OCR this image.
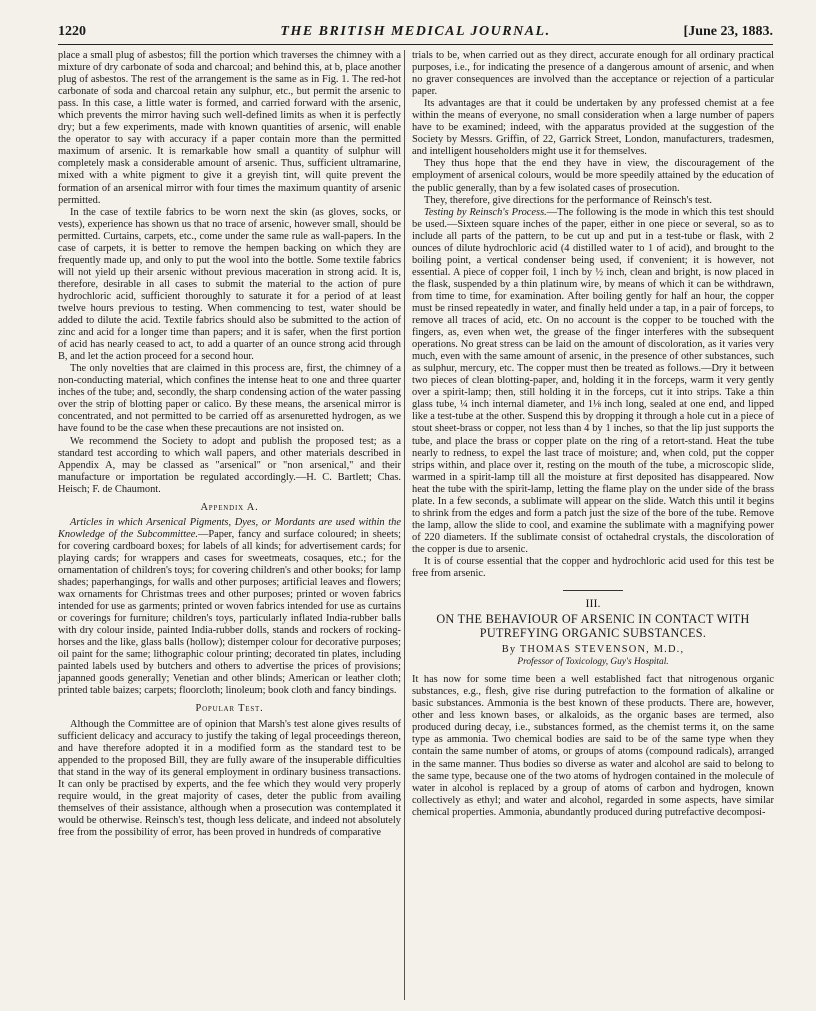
1220	THE BRITISH MEDICAL JOURNAL.	[June 23, 1883.

place a small plug of asbestos; fill the portion which traverses the chimney with a mixture of dry carbonate of soda and charcoal; and behind this, at b, place another plug of asbestos. The rest of the arrangement is the same as in Fig. 1. The red-hot carbonate of soda and charcoal retain any sulphur, etc., but permit the arsenic to pass. In this case, a little water is formed, and carried forward with the arsenic, which prevents the mirror having such well-defined limits as when it is perfectly dry; but a few experiments, made with known quantities of arsenic, will enable the operator to say with accuracy if a paper contain more than the permitted maximum of arsenic. It is remarkable how small a quantity of sulphur will completely mask a considerable amount of arsenic. Thus, sufficient ultramarine, mixed with a white pigment to give it a greyish tint, will quite prevent the formation of an arsenical mirror with four times the maximum quantity of arsenic permitted.

In the case of textile fabrics to be worn next the skin (as gloves, socks, or vests), experience has shown us that no trace of arsenic, however small, should be permitted. Curtains, carpets, etc., come under the same rule as wall-papers. In the case of carpets, it is better to remove the hempen backing on which they are frequently made up, and only to put the wool into the bottle. Some textile fabrics will not yield up their arsenic without previous maceration in strong acid. It is, therefore, desirable in all cases to submit the material to the action of pure hydrochloric acid, sufficient thoroughly to saturate it for a period of at least twelve hours previous to testing. When commencing to test, water should be added to dilute the acid. Textile fabrics should also be submitted to the action of zinc and acid for a longer time than papers; and it is safer, when the first portion of acid has nearly ceased to act, to add a quarter of an ounce strong acid through B, and let the action proceed for a second hour.

The only novelties that are claimed in this process are, first, the chimney of a non-conducting material, which confines the intense heat to one and three quarter inches of the tube; and, secondly, the sharp condensing action of the water passing over the strip of blotting paper or calico. By these means, the arsenical mirror is concentrated, and not permitted to be carried off as arsenuretted hydrogen, as we have found to be the case when these precautions are not insisted on.

We recommend the Society to adopt and publish the proposed test; as a standard test according to which wall papers, and other materials described in Appendix A, may be classed as "arsenical" or "non arsenical," and their manufacture or importation be regulated accordingly.—H. C. Bartlett; Chas. Heisch; F. de Chaumont.

Appendix A.

Articles in which Arsenical Pigments, Dyes, or Mordants are used within the Knowledge of the Subcommittee.—Paper, fancy and surface coloured; in sheets; for covering cardboard boxes; for labels of all kinds; for advertisement cards; for playing cards; for wrappers and cases for sweetmeats, cosaques, etc.; for the ornamentation of children's toys; for covering children's and other books; for lamp shades; paperhangings, for walls and other purposes; artificial leaves and flowers; wax ornaments for Christmas trees and other purposes; printed or woven fabrics intended for use as garments; printed or woven fabrics intended for use as curtains or coverings for furniture; children's toys, particularly inflated India-rubber balls with dry colour inside, painted India-rubber dolls, stands and rockers of rocking-horses and the like, glass balls (hollow); distemper colour for decorative purposes; oil paint for the same; lithographic colour printing; decorated tin plates, including painted labels used by butchers and others to advertise the prices of provisions; japanned goods generally; Venetian and other blinds; American or leather cloth; printed table baizes; carpets; floorcloth; linoleum; book cloth and fancy bindings.

Popular Test.

Although the Committee are of opinion that Marsh's test alone gives results of sufficient delicacy and accuracy to justify the taking of legal proceedings thereon, and have therefore adopted it in a modified form as the standard test to be appended to the proposed Bill, they are fully aware of the insuperable difficulties that stand in the way of its general employment in ordinary business transactions. It can only be practised by experts, and the fee which they would very properly require would, in the great majority of cases, deter the public from availing themselves of their assistance, although when a prosecution was contemplated it would be otherwise. Reinsch's test, though less delicate, and indeed not absolutely free from the possibility of error, has been proved in hundreds of comparative

trials to be, when carried out as they direct, accurate enough for all ordinary practical purposes, i.e., for indicating the presence of a dangerous amount of arsenic, and when no graver consequences are involved than the acceptance or rejection of a particular paper.

Its advantages are that it could be undertaken by any professed chemist at a fee within the means of everyone, no small consideration when a large number of papers have to be examined; indeed, with the apparatus provided at the suggestion of the Society by Messrs. Griffin, of 22, Garrick Street, London, manufacturers, tradesmen, and intelligent householders might use it for themselves.

They thus hope that the end they have in view, the discouragement of the employment of arsenical colours, would be more speedily attained by the education of the public generally, than by a few isolated cases of prosecution.

They, therefore, give directions for the performance of Reinsch's test.

Testing by Reinsch's Process.—The following is the mode in which this test should be used.—Sixteen square inches of the paper, either in one piece or several, so as to include all parts of the pattern, to be cut up and put in a test-tube or flask, with 2 ounces of dilute hydrochloric acid (4 distilled water to 1 of acid), and brought to the boiling point, a vertical condenser being used, if convenient; it is however, not essential. A piece of copper foil, 1 inch by ½ inch, clean and bright, is now placed in the flask, suspended by a thin platinum wire, by means of which it can be withdrawn, from time to time, for examination. After boiling gently for half an hour, the copper must be rinsed repeatedly in water, and finally held under a tap, in a pair of forceps, to remove all traces of acid, etc. On no account is the copper to be touched with the fingers, as, even when wet, the grease of the finger interferes with the subsequent operations. No great stress can be laid on the amount of discoloration, as it varies very much, even with the same amount of arsenic, in the presence of other substances, such as sulphur, mercury, etc. The copper must then be treated as follows.—Dry it between two pieces of clean blotting-paper, and, holding it in the forceps, warm it very gently over a spirit-lamp; then, still holding it in the forceps, cut it into strips. Take a thin glass tube, ¼ inch internal diameter, and 1⅛ inch long, sealed at one end, and lipped like a test-tube at the other. Suspend this by dropping it through a hole cut in a piece of stout sheet-brass or copper, not less than 4 by 1 inches, so that the lip just supports the tube, and place the brass or copper plate on the ring of a retort-stand. Heat the tube nearly to redness, to expel the last trace of moisture; and, when cold, put the copper strips within, and place over it, resting on the mouth of the tube, a microscopic slide, warmed in a spirit-lamp till all the moisture at first deposited has disappeared. Now heat the tube with the spirit-lamp, letting the flame play on the under side of the brass plate. In a few seconds, a sublimate will appear on the slide. Watch this until it begins to shrink from the edges and form a patch just the size of the bore of the tube. Remove the lamp, allow the slide to cool, and examine the sublimate with a magnifying power of 220 diameters. If the sublimate consist of octahedral crystals, the discoloration of the copper is due to arsenic.

It is of course essential that the copper and hydrochloric acid used for this test be free from arsenic.

III.
ON THE BEHAVIOUR OF ARSENIC IN CONTACT WITH PUTREFYING ORGANIC SUBSTANCES.
By THOMAS STEVENSON, M.D.,
Professor of Toxicology, Guy's Hospital.

It has now for some time been a well established fact that nitrogenous organic substances, e.g., flesh, give rise during putrefaction to the formation of alkaline or basic substances. Ammonia is the best known of these products. There are, however, other and less known bases, or alkaloids, as the organic bases are termed, also produced during decay, i.e., substances formed, as the chemist terms it, on the same type as ammonia. Two chemical bodies are said to be of the same type when they contain the same number of atoms, or groups of atoms (compound radicals), arranged in the same manner. Thus bodies so diverse as water and alcohol are said to belong to the same type, because one of the two atoms of hydrogen contained in the molecule of water in alcohol is replaced by a group of atoms of carbon and hydrogen, known collectively as ethyl; and water and alcohol, regarded in some aspects, have similar chemical properties. Ammonia, abundantly produced during putrefactive decomposi-
